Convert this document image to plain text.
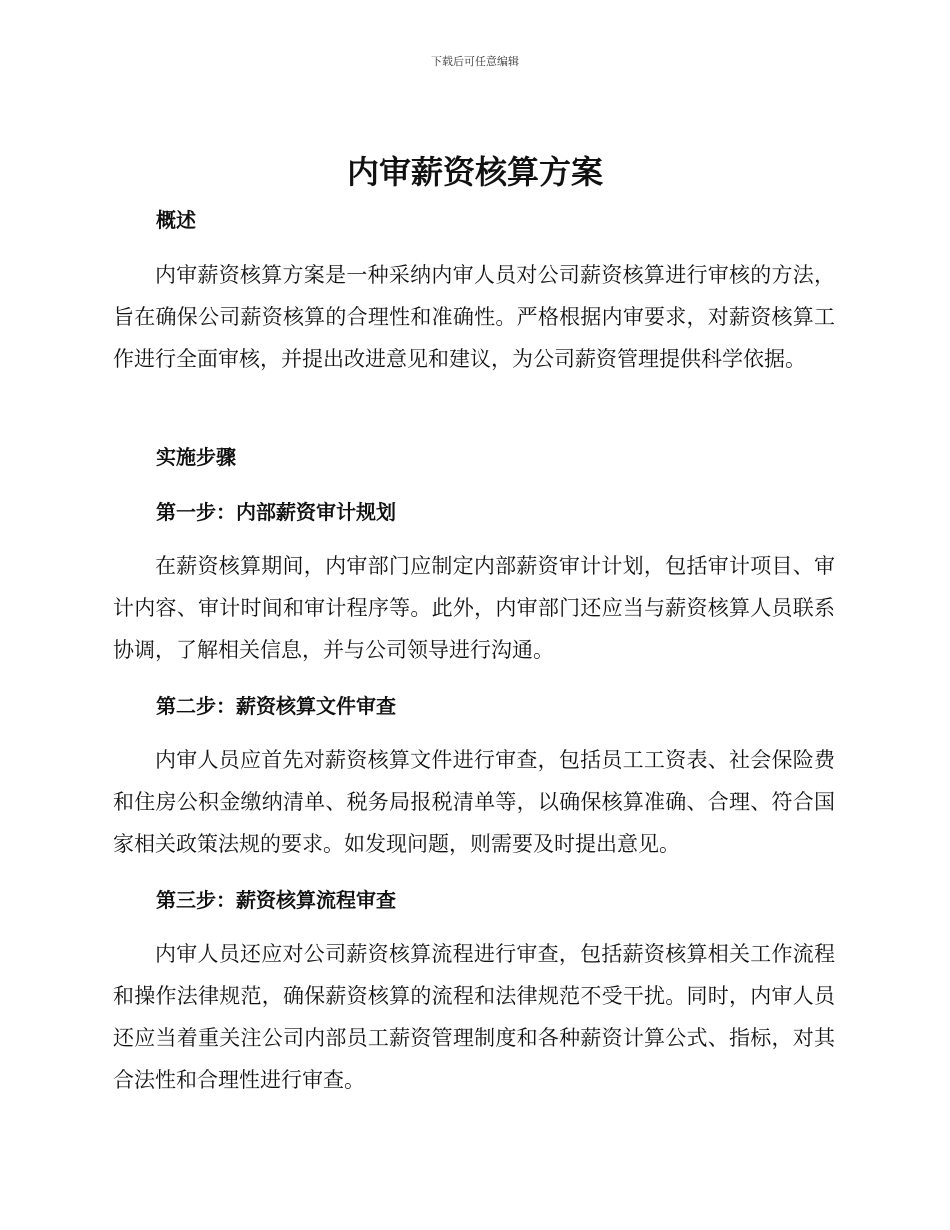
下载后可任意编辑
内审薪资核算方案
概述

内审薪资核算方案是一种采纳内审人员对公司薪资核算进行审核的方法，旨在确保公司薪资核算的合理性和准确性。严格根据内审要求，对薪资核算工作进行全面审核，并提出改进意见和建议，为公司薪资管理提供科学依据。

实施步骤
第一步：内部薪资审计规划

在薪资核算期间，内审部门应制定内部薪资审计计划，包括审计项目、审计内容、审计时间和审计程序等。此外，内审部门还应当与薪资核算人员联系协调，了解相关信息，并与公司领导进行沟通。

第二步：薪资核算文件审查

内审人员应首先对薪资核算文件进行审查，包括员工工资表、社会保险费和住房公积金缴纳清单、税务局报税清单等，以确保核算准确、合理、符合国家相关政策法规的要求。如发现问题，则需要及时提出意见。

第三步：薪资核算流程审查

内审人员还应对公司薪资核算流程进行审查，包括薪资核算相关工作流程和操作法律规范，确保薪资核算的流程和法律规范不受干扰。同时，内审人员还应当着重关注公司内部员工薪资管理制度和各种薪资计算公式、指标，对其合法性和合理性进行审查。
